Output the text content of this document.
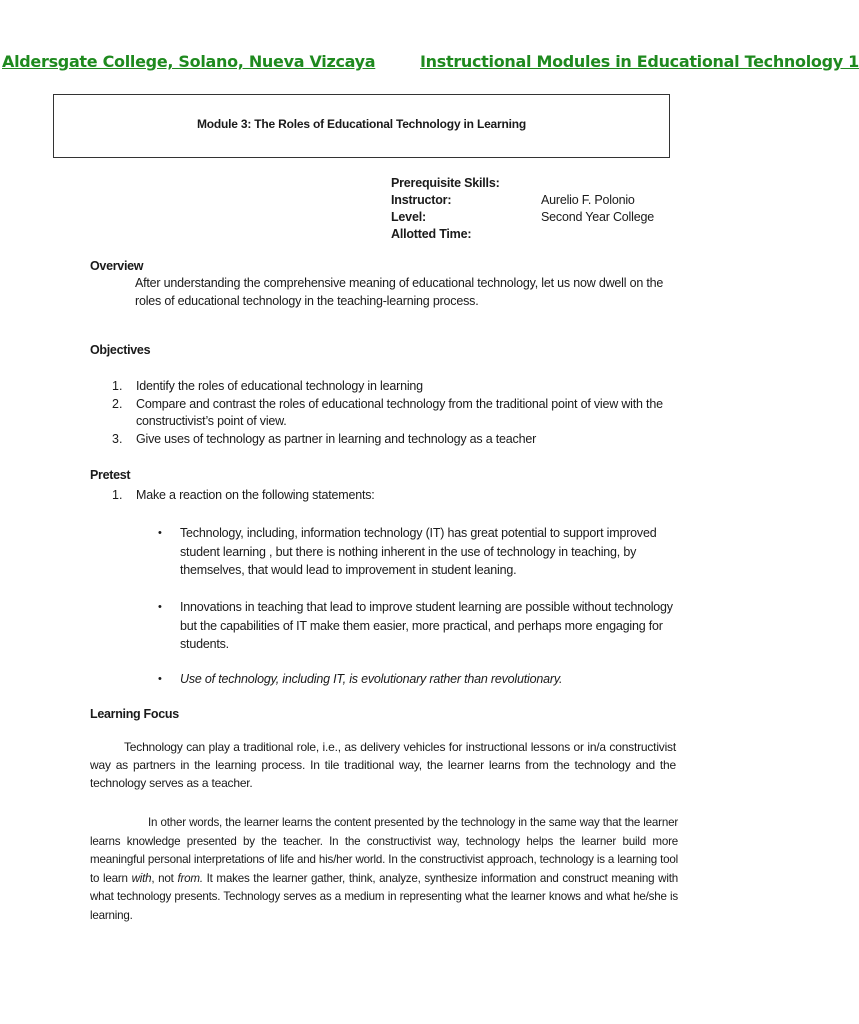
Aldersgate College, Solano, Nueva Vizcaya	Instructional Modules in Educational Technology 1
Module 3: The Roles of Educational Technology in Learning
Prerequisite Skills:
Instructor:	Aurelio F. Polonio
Level:	Second Year College
Allotted Time:
Overview
After understanding the comprehensive meaning of educational technology, let us now dwell on the
roles of educational technology in the teaching-learning process.
Objectives
1.	Identify the roles of educational technology in learning
2.	Compare and contrast the roles of educational technology from the traditional point of view with the constructivist’s point of view.
3.	Give uses of technology as partner in learning and technology as a teacher
Pretest
1.	Make a reaction on the following statements:
•	Technology, including, information technology (IT) has great potential to support improved student learning , but there is nothing inherent in the use of technology in teaching, by themselves, that would lead to improvement in student leaning.
•	Innovations in teaching that lead to improve student learning are possible without technology but the capabilities of IT make them easier, more practical, and perhaps more engaging for students.
•	Use of technology, including IT, is evolutionary rather than revolutionary.
Learning Focus
Technology can play a traditional role, i.e., as delivery vehicles for instructional lessons or in/a constructivist way as partners in the learning process. In tile traditional way, the learner learns from the technology and the technology serves as a teacher.
In other words, the learner learns the content presented by the technology in the same way that the learner learns knowledge presented by the teacher. In the constructivist way, technology helps the learner build more meaningful personal interpretations of life and his/her world. In the constructivist approach, technology is a learning tool to learn with, not from. It makes the learner gather, think, analyze, synthesize information and construct meaning with what technology presents. Technology serves as a medium in representing what the learner knows and what he/she is learning.
